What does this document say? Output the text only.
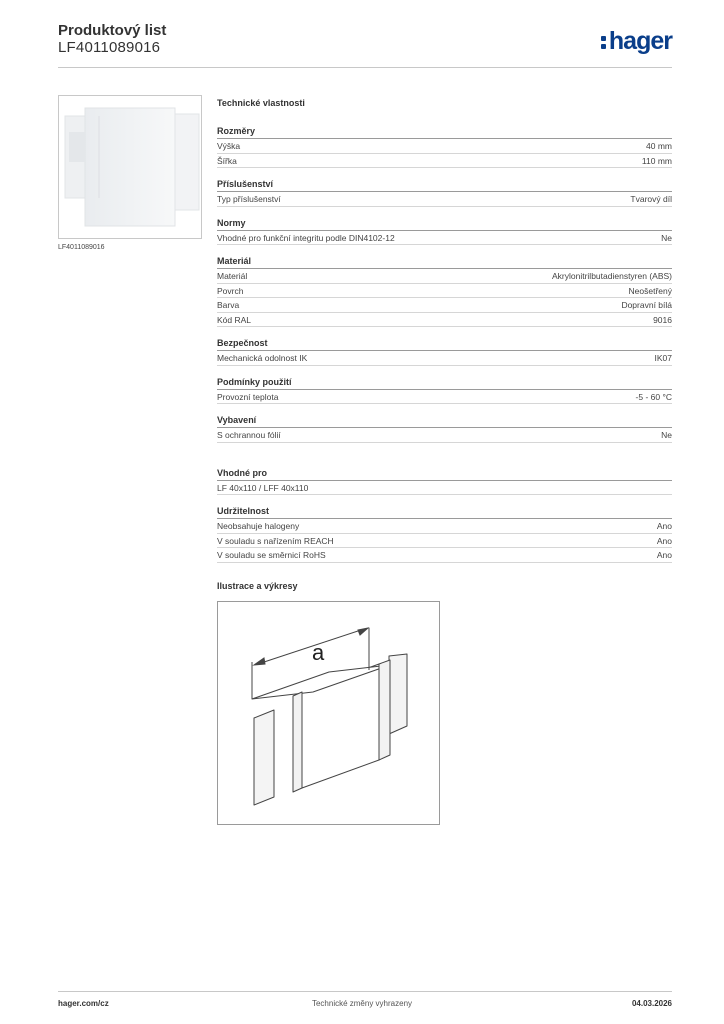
Produktový list
LF4011089016	hager
LF4011089016
Technické vlastnosti
Rozměry
Výška	40 mm
Šířka	110 mm
Příslušenství
Typ příslušenství	Tvarový díl
Normy
Vhodné pro funkční integritu podle DIN4102-12	Ne
Materiál
Materiál	Akrylonitrilbutadienstyren (ABS)
Povrch	Neošetřený
Barva	Dopravní bílá
Kód RAL	9016
Bezpečnost
Mechanická odolnost IK	IK07
Podmínky použití
Provozní teplota	-5 - 60 °C
Vybavení
S ochrannou fólií	Ne
Vhodné pro
LF 40x110 / LFF 40x110
Udržitelnost
Neobsahuje halogeny	Ano
V souladu s nařízením REACH	Ano
V souladu se směrnicí RoHS	Ano
Ilustrace a výkresy
a
hager.com/cz	Technické změny vyhrazeny	04.03.2026
